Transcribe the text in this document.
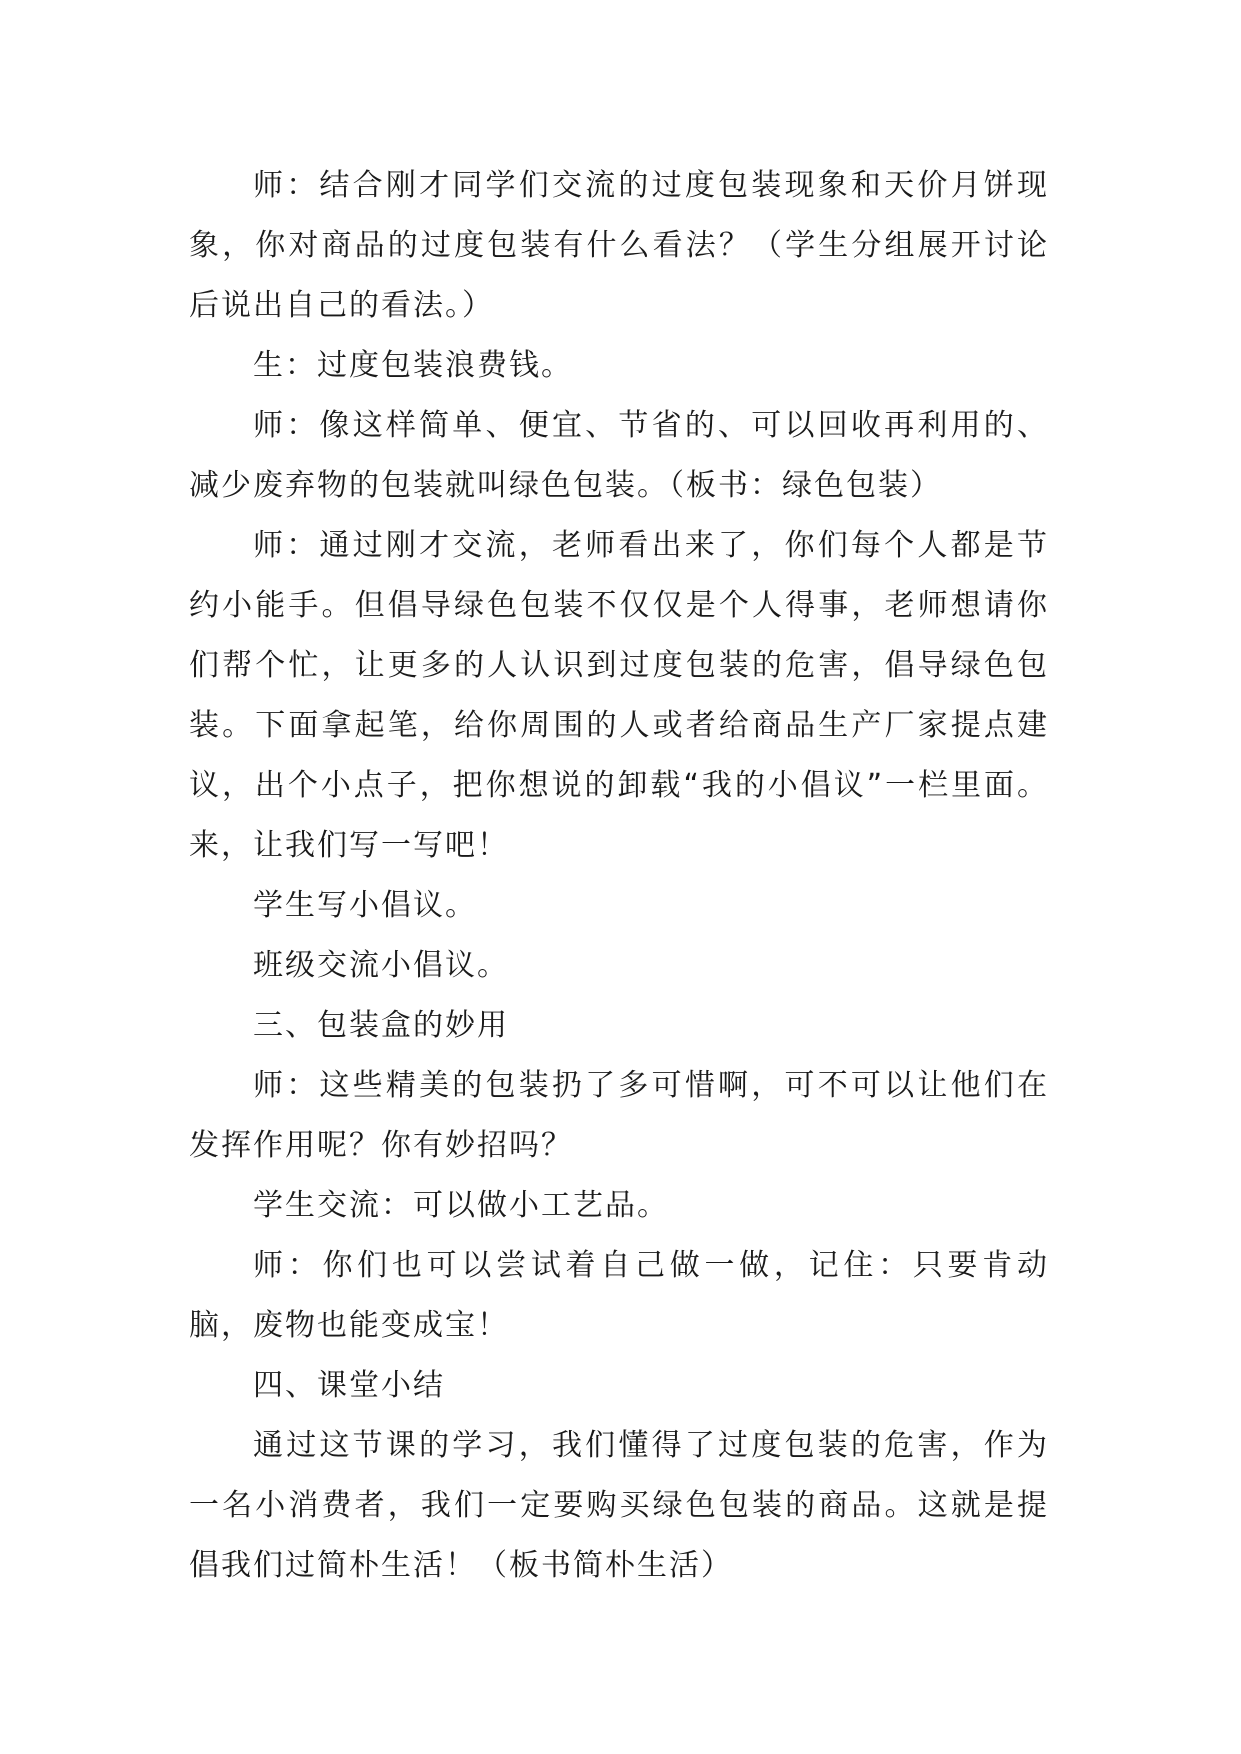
师：结合刚才同学们交流的过度包装现象和天价月饼现象，你对商品的过度包装有什么看法？（学生分组展开讨论后说出自己的看法。）

生：过度包装浪费钱。

师：像这样简单、便宜、节省的、可以回收再利用的、减少废弃物的包装就叫绿色包装。（板书：绿色包装）

师：通过刚才交流，老师看出来了，你们每个人都是节约小能手。但倡导绿色包装不仅仅是个人得事，老师想请你们帮个忙，让更多的人认识到过度包装的危害，倡导绿色包装。下面拿起笔，给你周围的人或者给商品生产厂家提点建议，出个小点子，把你想说的卸载“我的小倡议”一栏里面。来，让我们写一写吧！

学生写小倡议。

班级交流小倡议。

三、包装盒的妙用

师：这些精美的包装扔了多可惜啊，可不可以让他们在发挥作用呢？你有妙招吗？

学生交流：可以做小工艺品。

师：你们也可以尝试着自己做一做，记住：只要肯动脑，废物也能变成宝！

四、课堂小结

通过这节课的学习，我们懂得了过度包装的危害，作为一名小消费者，我们一定要购买绿色包装的商品。这就是提倡我们过简朴生活！（板书简朴生活）
